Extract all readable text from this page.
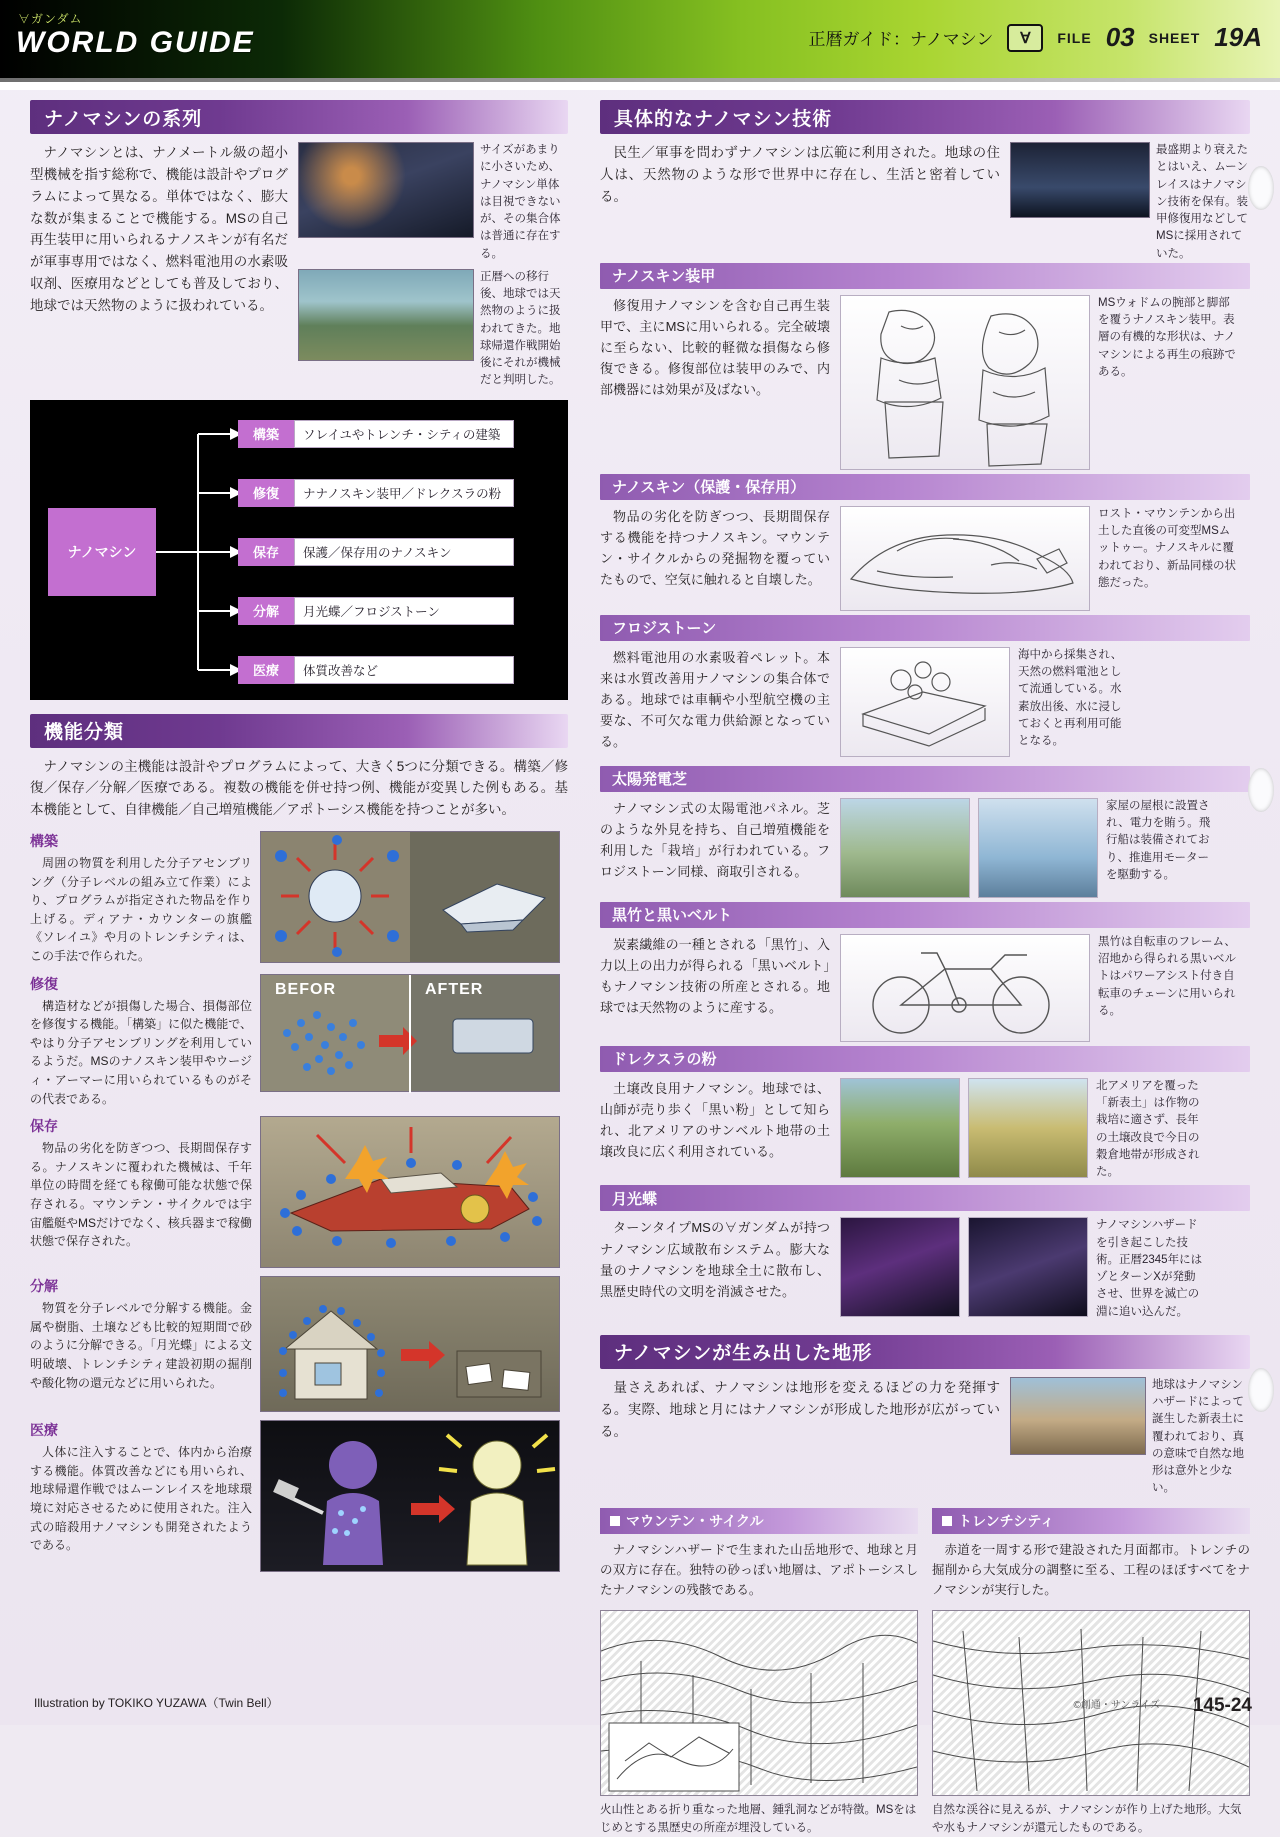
∀ガンダム
WORLD GUIDE	正暦ガイド：ナノマシン	∀	FILE 03 SHEET 19A
ナノマシンの系列

ナノマシンとは、ナノメートル級の超小型機械を指す総称で、機能は設計やプログラムによって異なる。単体ではなく、膨大な数が集まることで機能する。MSの自己再生装甲に用いられるナノスキンが有名だが軍事専用ではなく、燃料電池用の水素吸収剤、医療用などとしても普及しており、地球では天然物のように扱われている。

サイズがあまりに小さいため、ナノマシン単体は目視できないが、その集合体は普通に存在する。

正暦への移行後、地球では天然物のように扱われてきた。地球帰還作戦開始後にそれが機械だと判明した。

ナノマシン
構築	ソレイユやトレンチ・シティの建築
修復	ナナノスキン装甲／ドレクスラの粉
保存	保護／保存用のナノスキン
分解	月光蝶／フロジストーン
医療	体質改善など
機能分類

ナノマシンの主機能は設計やプログラムによって、大きく5つに分類できる。構築／修復／保存／分解／医療である。複数の機能を併せ持つ例、機能が変異した例もある。基本機能として、自律機能／自己増殖機能／アポトーシス機能を持つことが多い。

構築

周囲の物質を利用した分子アセンブリング（分子レベルの組み立て作業）により、プログラムが指定された物品を作り上げる。ディアナ・カウンターの旗艦《ソレイユ》や月のトレンチシティは、この手法で作られた。

修復

構造材などが損傷した場合、損傷部位を修復する機能。「構築」に似た機能で、やはり分子アセンブリングを利用しているようだ。MSのナノスキン装甲やウージィ・アーマーに用いられているものがその代表である。

BEFOR	AFTER

保存

物品の劣化を防ぎつつ、長期間保存する。ナノスキンに覆われた機械は、千年単位の時間を経ても稼働可能な状態で保存される。マウンテン・サイクルでは宇宙艦艇やMSだけでなく、核兵器まで稼働状態で保存された。

分解

物質を分子レベルで分解する機能。金属や樹脂、土壌なども比較的短期間で砂のように分解できる。「月光蝶」による文明破壊、トレンチシティ建設初期の掘削や酸化物の還元などに用いられた。

医療

人体に注入することで、体内から治療する機能。体質改善などにも用いられ、地球帰還作戦ではムーンレイスを地球環境に対応させるために使用された。注入式の暗殺用ナノマシンも開発されたようである。

具体的なナノマシン技術

民生／軍事を問わずナノマシンは広範に利用された。地球の住人は、天然物のような形で世界中に存在し、生活と密着している。

最盛期より衰えたとはいえ、ムーンレイスはナノマシン技術を保有。装甲修復用などしてMSに採用されていた。

ナノスキン装甲

修復用ナノマシンを含む自己再生装甲で、主にMSに用いられる。完全破壊に至らない、比較的軽微な損傷なら修復できる。修復部位は装甲のみで、内部機器には効果が及ばない。

MSウォドムの腕部と脚部を覆うナノスキン装甲。表層の有機的な形状は、ナノマシンによる再生の痕跡である。

ナノスキン（保護・保存用）

物品の劣化を防ぎつつ、長期間保存する機能を持つナノスキン。マウンテン・サイクルからの発掘物を覆っていたもので、空気に触れると自壊した。

ロスト・マウンテンから出土した直後の可変型MSムットゥー。ナノスキルに覆われており、新品同様の状態だった。

フロジストーン

燃料電池用の水素吸着ペレット。本来は水質改善用ナノマシンの集合体である。地球では車輌や小型航空機の主要な、不可欠な電力供給源となっている。

海中から採集され、天然の燃料電池として流通している。水素放出後、水に浸しておくと再利用可能となる。

太陽発電芝

ナノマシン式の太陽電池パネル。芝のような外見を持ち、自己増殖機能を利用した「栽培」が行われている。フロジストーン同様、商取引される。

家屋の屋根に設置され、電力を賄う。飛行船は装備されており、推進用モーターを駆動する。

黒竹と黒いベルト

炭素繊維の一種とされる「黒竹」、入力以上の出力が得られる「黒いベルト」もナノマシン技術の所産とされる。地球では天然物のように産する。

黒竹は自転車のフレーム、沼地から得られる黒いベルトはパワーアシスト付き自転車のチェーンに用いられる。

ドレクスラの粉

土壌改良用ナノマシン。地球では、山師が売り歩く「黒い粉」として知られ、北アメリアのサンベルト地帯の土壌改良に広く利用されている。

北アメリアを覆った「新表土」は作物の栽培に適さず、長年の土壌改良で今日の穀倉地帯が形成された。

月光蝶

ターンタイプMSの∀ガンダムが持つナノマシン広域散布システム。膨大な量のナノマシンを地球全土に散布し、黒歴史時代の文明を消滅させた。

ナノマシンハザードを引き起こした技術。正暦2345年にはゾとターンXが発動させ、世界を滅亡の淵に追い込んだ。

ナノマシンが生み出した地形

量さえあれば、ナノマシンは地形を変えるほどの力を発揮する。実際、地球と月にはナノマシンが形成した地形が広がっている。

地球はナノマシンハザードによって誕生した新表土に覆われており、真の意味で自然な地形は意外と少ない。

マウンテン・サイクル

ナノマシンハザードで生まれた山岳地形で、地球と月の双方に存在。独特の砂っぽい地層は、アポトーシスしたナノマシンの残骸である。

火山性とある折り重なった地層、鍾乳洞などが特徴。MSをはじめとする黒歴史の所産が埋没している。

トレンチシティ

赤道を一周する形で建設された月面都市。トレンチの掘削から大気成分の調整に至る、工程のほぼすべてをナノマシンが実行した。

自然な渓谷に見えるが、ナノマシンが作り上げた地形。大気や水もナノマシンが還元したものである。

Illustration by TOKIKO YUZAWA（Twin Bell）	©創通・サンライズ 145-24
